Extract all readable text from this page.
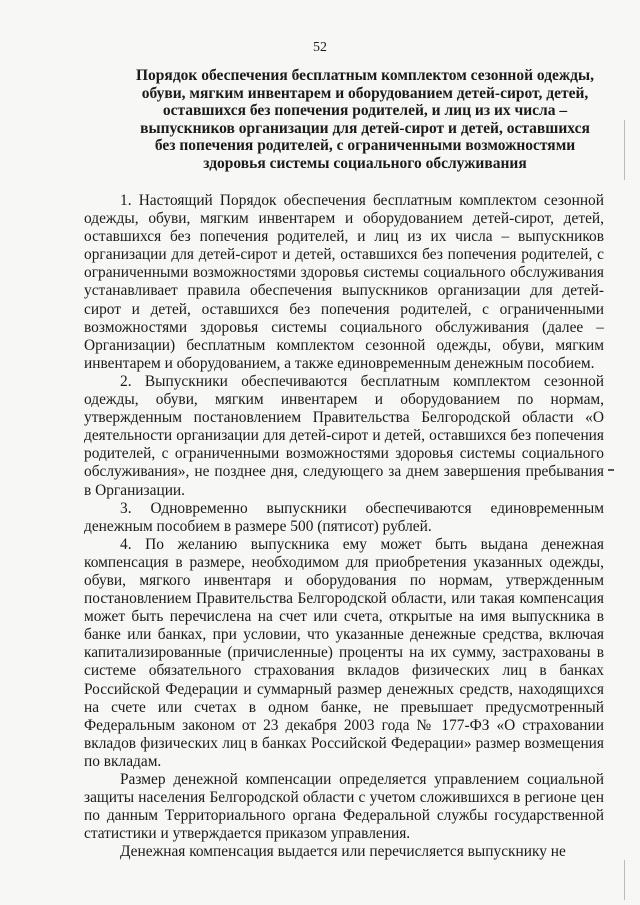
52
Порядок обеспечения бесплатным комплектом сезонной одежды, обуви, мягким инвентарем и оборудованием детей-сирот, детей, оставшихся без попечения родителей, и лиц из их числа – выпускников организации для детей-сирот и детей, оставшихся без попечения родителей, с ограниченными возможностями здоровья системы социального обслуживания

1. Настоящий Порядок обеспечения бесплатным комплектом сезонной одежды, обуви, мягким инвентарем и оборудованием детей-сирот, детей, оставшихся без попечения родителей, и лиц из их числа – выпускников организации для детей-сирот и детей, оставшихся без попечения родителей, с ограниченными возможностями здоровья системы социального обслуживания устанавливает правила обеспечения выпускников организации для детей-сирот и детей, оставшихся без попечения родителей, с ограниченными возможностями здоровья системы социального обслуживания (далее – Организации) бесплатным комплектом сезонной одежды, обуви, мягким инвентарем и оборудованием, а также единовременным денежным пособием.

2. Выпускники обеспечиваются бесплатным комплектом сезонной одежды, обуви, мягким инвентарем и оборудованием по нормам, утвержденным постановлением Правительства Белгородской области «О деятельности организации для детей-сирот и детей, оставшихся без попечения родителей, с ограниченными возможностями здоровья системы социального обслуживания», не позднее дня, следующего за днем завершения пребывания в Организации.

3. Одновременно выпускники обеспечиваются единовременным денежным пособием в размере 500 (пятисот) рублей.

4. По желанию выпускника ему может быть выдана денежная компенсация в размере, необходимом для приобретения указанных одежды, обуви, мягкого инвентаря и оборудования по нормам, утвержденным постановлением Правительства Белгородской области, или такая компенсация может быть перечислена на счет или счета, открытые на имя выпускника в банке или банках, при условии, что указанные денежные средства, включая капитализированные (причисленные) проценты на их сумму, застрахованы в системе обязательного страхования вкладов физических лиц в банках Российской Федерации и суммарный размер денежных средств, находящихся на счете или счетах в одном банке, не превышает предусмотренный Федеральным законом от 23 декабря 2003 года № 177-ФЗ «О страховании вкладов физических лиц в банках Российской Федерации» размер возмещения по вкладам.

Размер денежной компенсации определяется управлением социальной защиты населения Белгородской области с учетом сложившихся в регионе цен по данным Территориального органа Федеральной службы государственной статистики и утверждается приказом управления.

Денежная компенсация выдается или перечисляется выпускнику не
